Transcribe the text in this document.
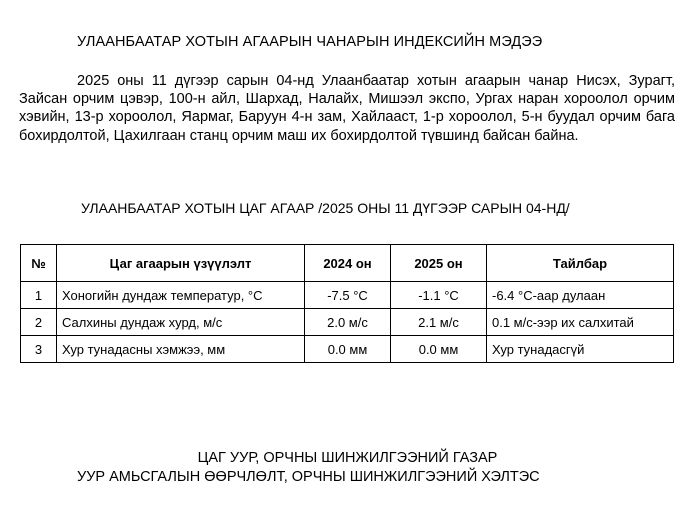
УЛААНБААТАР ХОТЫН АГААРЫН ЧАНАРЫН ИНДЕКСИЙН МЭДЭЭ

2025 оны 11 дүгээр сарын 04-нд Улаанбаатар хотын агаарын чанар Нисэх, Зурагт, Зайсан орчим цэвэр, 100-н айл, Шархад, Налайх, Мишээл экспо, Ургах наран хороолол орчим хэвийн, 13-р хороолол, Яармаг, Баруун 4-н зам, Хайлааст, 1-р хороолол, 5-н буудал орчим бага бохирдолтой, Цахилгаан станц орчим маш их бохирдолтой түвшинд байсан байна.

УЛААНБААТАР ХОТЫН ЦАГ АГААР /2025 ОНЫ 11 ДҮГЭЭР САРЫН 04-НД/
№	Цаг агаарын үзүүлэлт	2024 он	2025 он	Тайлбар
1	Хоногийн дундаж температур, °С	-7.5 °С	-1.1 °С	-6.4 °С-аар дулаан
2	Салхины дундаж хурд, м/с	2.0 м/с	2.1 м/с	0.1 м/с-ээр их салхитай
3	Хур тунадасны хэмжээ, мм	0.0 мм	0.0 мм	Хур тунадасгүй
ЦАГ УУР, ОРЧНЫ ШИНЖИЛГЭЭНИЙ ГАЗАР
УУР АМЬСГАЛЫН ӨӨРЧЛӨЛТ, ОРЧНЫ ШИНЖИЛГЭЭНИЙ ХЭЛТЭС
